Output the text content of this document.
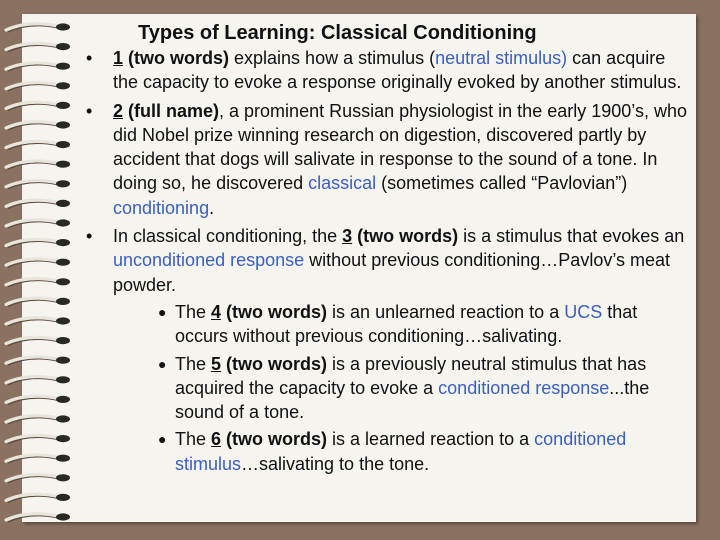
Types of Learning: Classical Conditioning
•	1 (two words) explains how a stimulus (neutral stimulus) can acquire the capacity to evoke a response originally evoked by another stimulus.
•	2 (full name), a prominent Russian physiologist in the early 1900’s, who did Nobel prize winning research on digestion, discovered partly by accident that dogs will salivate in response to the sound of a tone. In doing so, he discovered classical (sometimes called “Pavlovian”) conditioning.
•	In classical conditioning, the 3 (two words) is a stimulus that evokes an unconditioned response without previous conditioning…Pavlov’s meat powder.
● The 4 (two words) is an unlearned reaction to a UCS that occurs without previous conditioning…salivating.
● The 5 (two words) is a previously neutral stimulus that has acquired the capacity to evoke a conditioned response...the sound of a tone.
● The 6 (two words) is a learned reaction to a conditioned stimulus…salivating to the tone.
